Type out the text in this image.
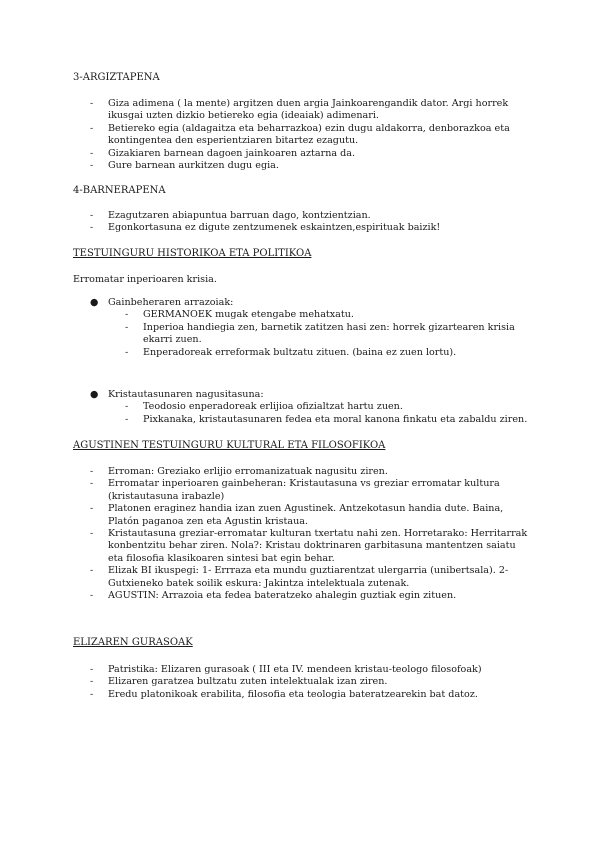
3-ARGIZTAPENA
- Giza adimena ( la mente) argitzen duen argia Jainkoarengandik dator. Argi horrek ikusgai uzten dizkio betiereko egia (ideaiak) adimenari.
- Betiereko egia (aldagaitza eta beharrazkoa) ezin dugu aldakorra, denborazkoa eta kontingentea den esperientziaren bitartez ezagutu.
- Gizakiaren barnean dagoen jainkoaren aztarna da.
- Gure barnean aurkitzen dugu egia.
4-BARNERAPENA
- Ezagutzaren abiapuntua barruan dago, kontzientzian.
- Egonkortasuna ez digute zentzumenek eskaintzen,espirituak baizik!
TESTUINGURU HISTORIKOA ETA POLITIKOA

Erromatar inperioaren krisia.

● Gainbeheraren arrazoiak:
- GERMANOEK mugak etengabe mehatxatu.
- Inperioa handiegia zen, barnetik zatitzen hasi zen: horrek gizartearen krisia ekarri zuen.
- Enperadoreak erreformak bultzatu zituen. (baina ez zuen lortu).
● Kristautasunaren nagusitasuna:
- Teodosio enperadoreak erlijioa ofizialtzat hartu zuen.
- Pixkanaka, kristautasunaren fedea eta moral kanona finkatu eta zabaldu ziren.
AGUSTINEN TESTUINGURU KULTURAL ETA FILOSOFIKOA
- Erroman: Greziako erlijio erromanizatuak nagusitu ziren.
- Erromatar inperioaren gainbeheran: Kristautasuna vs greziar erromatar kultura (kristautasuna irabazle)
- Platonen eraginez handia izan zuen Agustinek. Antzekotasun handia dute. Baina, Platón paganoa zen eta Agustin kristaua.
- Kristautasuna greziar-erromatar kulturan txertatu nahi zen. Horretarako: Herritarrak konbentzitu behar ziren. Nola?: Kristau doktrinaren garbitasuna mantentzen saiatu eta filosofia klasikoaren sintesi bat egin behar.
- Elizak BI ikuspegi: 1- Errraza eta mundu guztiarentzat ulergarria (unibertsala). 2-Gutxieneko batek soilik eskura: Jakintza intelektuala zutenak.
- AGUSTIN: Arrazoia eta fedea bateratzeko ahalegin guztiak egin zituen.
ELIZAREN GURASOAK
- Patristika: Elizaren gurasoak ( III eta IV. mendeen kristau-teologo filosofoak)
- Elizaren garatzea bultzatu zuten intelektualak izan ziren.
- Eredu platonikoak erabilita, filosofia eta teologia bateratzearekin bat datoz.
